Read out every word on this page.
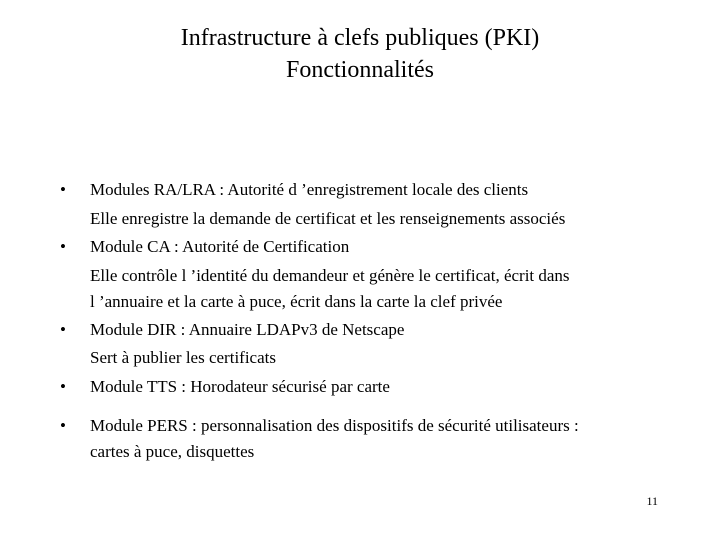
Infrastructure à clefs publiques (PKI)
Fonctionnalités
• Modules RA/LRA : Autorité d ’enregistrement locale des clients
Elle enregistre la demande de certificat et les renseignements associés
• Module CA : Autorité de Certification
Elle contrôle l ’identité du demandeur et génère le certificat, écrit dans
l ’annuaire et la carte à puce, écrit dans la carte la clef privée
• Module DIR : Annuaire LDAPv3 de Netscape
Sert à publier les certificats
• Module TTS : Horodateur sécurisé par carte
• Module PERS : personnalisation des dispositifs de sécurité utilisateurs :
cartes à puce, disquettes
11
